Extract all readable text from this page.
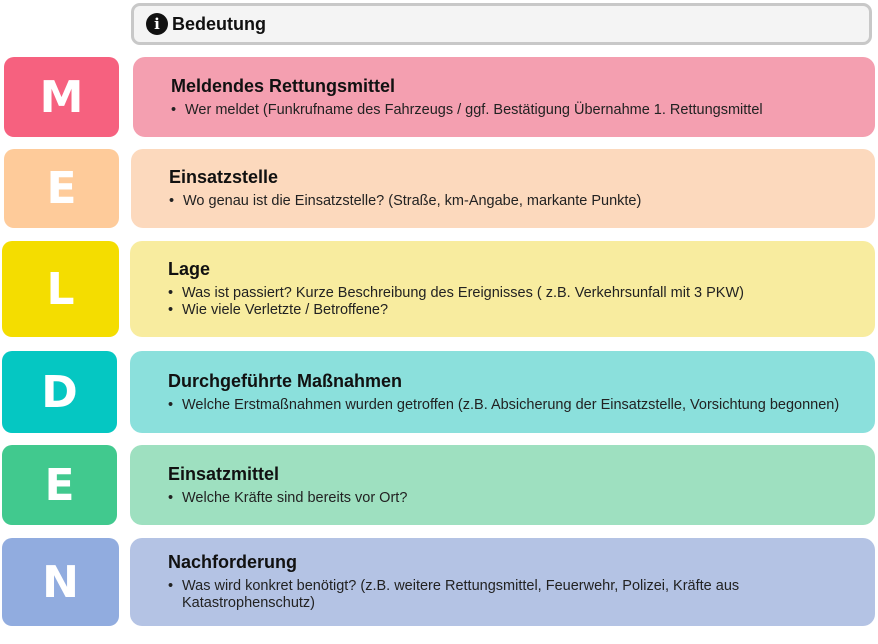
i Bedeutung
M	Meldendes Rettungsmittel
• Wer meldet (Funkrufname des Fahrzeugs / ggf. Bestätigung Übernahme 1. Rettungsmittel
E	Einsatzstelle
• Wo genau ist die Einsatzstelle? (Straße, km-Angabe, markante Punkte)
L	Lage
• Was ist passiert? Kurze Beschreibung des Ereignisses ( z.B. Verkehrsunfall mit 3 PKW)
• Wie viele Verletzte / Betroffene?
D	Durchgeführte Maßnahmen
• Welche Erstmaßnahmen wurden getroffen (z.B. Absicherung der Einsatzstelle, Vorsichtung begonnen)
E	Einsatzmittel
• Welche Kräfte sind bereits vor Ort?
N	Nachforderung
• Was wird konkret benötigt? (z.B. weitere Rettungsmittel, Feuerwehr, Polizei, Kräfte aus Katastrophenschutz)
